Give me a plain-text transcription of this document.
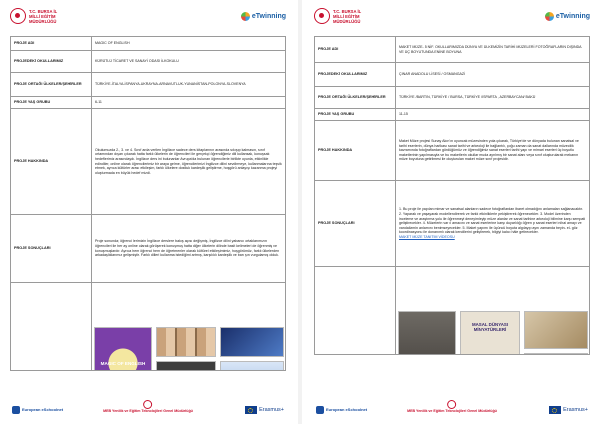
T.C. BURSA İL MİLLİ EĞİTİM MÜDÜRLÜĞÜ
eTwinning
PROJE ADI	MAGIC OF ENGLISH
PROJEDEKİ OKULLARIMIZ	KÜRÜTLÜ TİCARET VE SANAYİ ODASI İLKOKULU
PROJE ORTAĞI ÜLKELER/ŞEHİRLER	TÜRKİYE-İTALYA-İSPANYA-UKRAYNA-ARNAVUTLUK-YUNANİSTAN-POLONYA-SLOVENYA
PROJE YAŞ GRUBU	6-11
PROJE HAKKINDA	Okulumuzda 2., 3. ve 4. Sınıf arda verilen İngilizce sadece ders kitaplarının arasında sıkışıp kalmasın, sınıf ortamından dışarı çıkarak hatta farklı ülkelerin de öğrencileri ile gerçekçi öğrendiğimiz dili kullansak, konuşsak hedeflerimiz arasındaydı. İngilizce ders ini bulunanlar Avrupa'da bulunan öğrencilerle birlikte oyunla, etkinlikle edindiler, online olarak öğrencilerimiz bir araya gelme, öğrencilerimizi İngilizce dilini sevdirmeye, kullanmalarına teşvik etmek, ayrıca kültürler arası etkileşim, farklı ülkelere dostluk kardeşlik geliştirme, hoşgörü anlayışı kazanma projeyi oluşturmada en büyük hedef mizdi.
PROJE SONUÇLARI	Proje sonunda; öğrenci lerimizin İngilizce derslere bakış açısı değişmiş, İngilizce dilini yabancı ortaklarımızın öğrencileri ile her ay online olarak görüşerek konuşmuş hatta diğer ülkelerin dilinde basit kelimeleri de öğrenmiş ve konuşmuşlardır. Ayrıca hem öğrenci hem de öğretmenler olarak kültürel etkileşimimiz, hoşgörümüz, farklı ülkelerden arkadaşlıklarımız gelişmiştir. Farklı dilleri kullanma istediğimi artmış, karşılıklı kardeşlik ve barı şın vurgulamış olduk.

	MAGIC OF ENGLISH
European eSchoolnet	MEB Yenilik ve Eğitim Teknolojileri Genel Müdürlüğü	Erasmus+
T.C. BURSA İL MİLLİ EĞİTİM MÜDÜRLÜĞÜ
eTwinning
PROJE ADI	MAKET MÜZE- 5 NİF. OKULLARIMIZDA DÜNYA VE ÜLKEMİZİN TARİHİ MÜZELERİ FOTOĞRAFLARIN DIŞINDA VE ÜÇ BOYUTUNDA ENİNE BOYUNA
PROJEDEKİ OKULLARIMIZ	ÇINAR ANADOLU LİSESİ / OSMANGAZİ
PROJE ORTAĞI ÜLKELER/ŞEHİRLER	TÜRKİYE /BARTIN, TÜRKİYE / BURSA, TÜRKİYE /ISPARTA , AZERBAYCAN/ BAKÜ
PROJE YAŞ GRUBU	11-15
PROJE HAKKINDA	Maket Müze projesi Sunay Akın'ın oyuncak müzesinden yola çıkarak, Türkiye'de ve dünyada bulunan sanatsal ve tarihi eserlerin, dünya harikası sanat tarihi ve arkeoloji ile bağlantılı, çoğu zaman da sanat dallarında müzecilik kavramında fotoğraflardan gördüğümüz ve öğrendiğimiz sanat eserleri tarihi yapı ve mimari eserleri üç boyutlu maketlerinin yapılmasıyla ve bu maketlerin okullar muda ayrılmış bir sanat alanı veya sınıf oluşturularak mekanın müze boyutuna getirilmesi ile oluşturulan maket müze sınıf projesidir.
PROJE SONUÇLARI	1. Bu proje ile yapılan mimar ve sanatsal alanların sadece fotoğraflardan ibaret olmadığını anlamaları sağlanacaktır. 2. Yaparak ve yaşayarak modellendirerek ve farklı etkinliklerle pekiştirerek öğrenecekler. 3. Model üzerinden inceleme ve araştırma yolu ile öğrenmeyi deneyimleyip müze alanlar ve sanat tarihine arkeoloji bilimine karşı sempati geliştirecekler. 4. Müzelerin var ıl amacını ve sanat eserlerine karşı duyarlılığı öğren p sanat eserleri nihai amayı ve vandalizmin anlamını benimseyecekler. 5. Maket yapımı ile üçüncü boyuta algılayıp aynı zamanda beyin- el- göz koordinasyonu ile donanımlı olarak kendilerini geliştirerek, bilgiyi kalıcı hâle getirecekler.
MAKET MÜZE TANITIM VİDEOSU

	MASAL DÜNYASI MİNYATÜRLERİ
European eSchoolnet	MEB Yenilik ve Eğitim Teknolojileri Genel Müdürlüğü	Erasmus+
